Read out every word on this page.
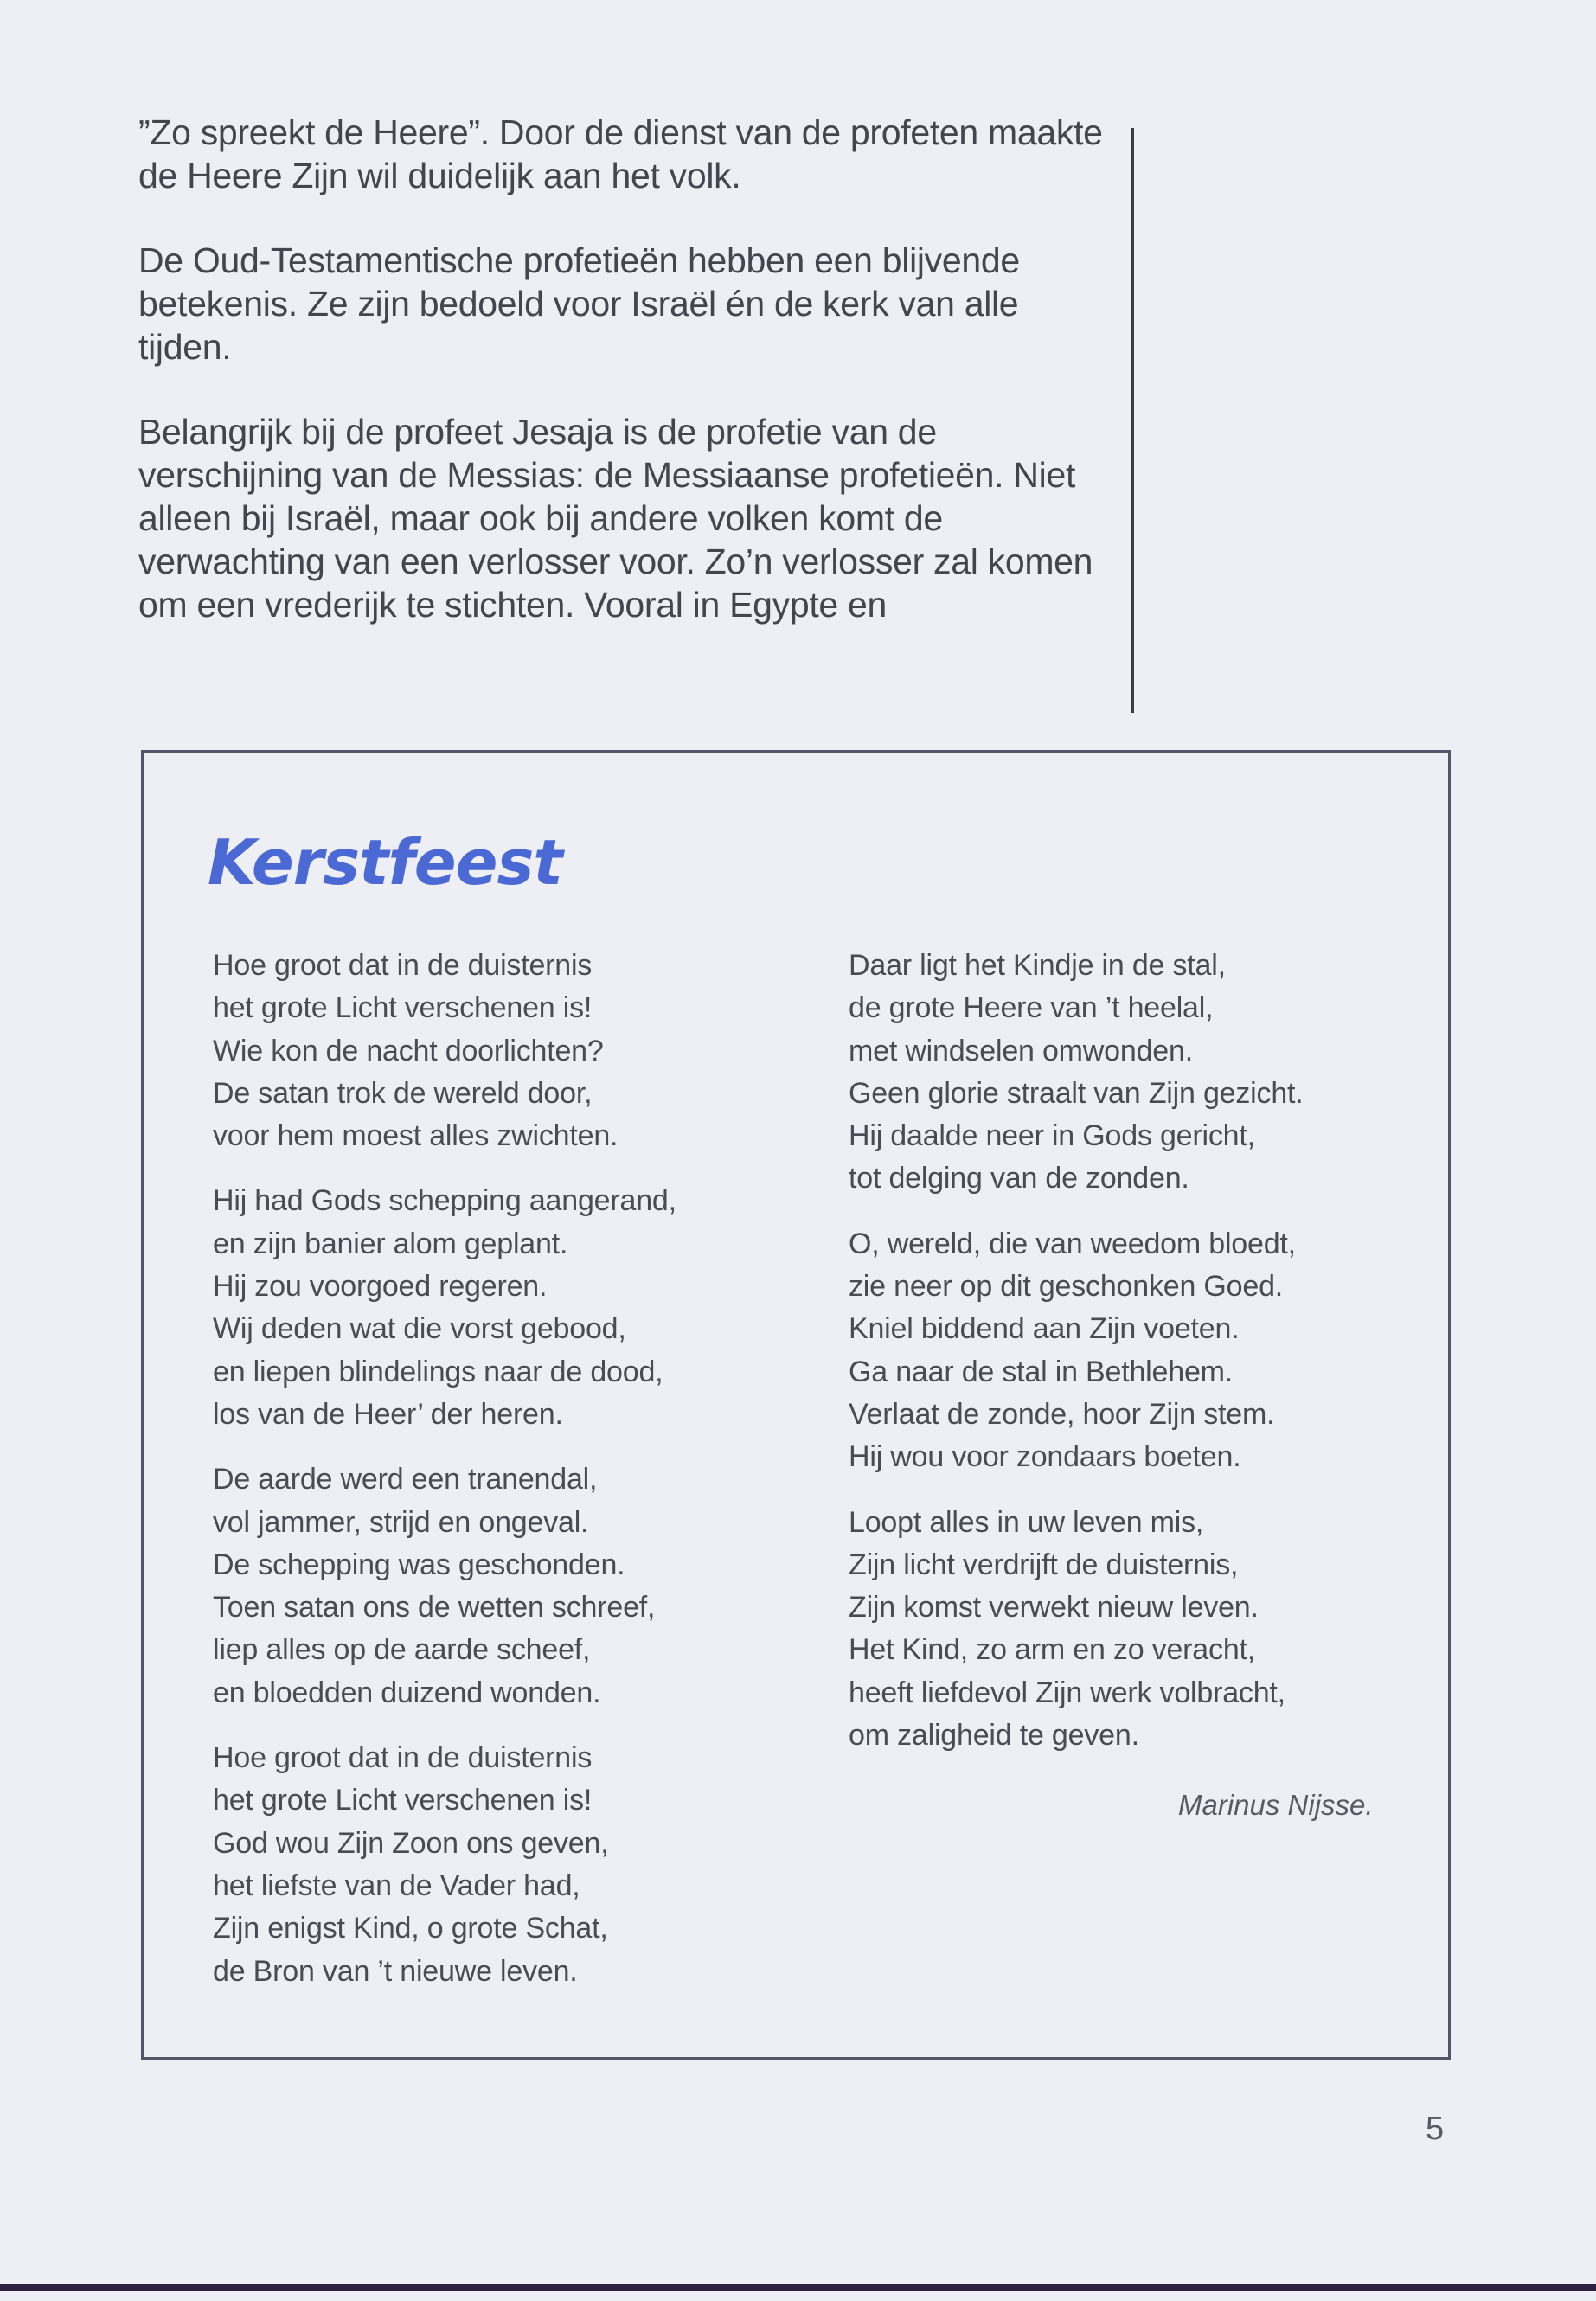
”Zo spreekt de Heere”. Door de dienst van de profeten maakte de Heere Zijn wil duidelijk aan het volk.

De Oud-Testamentische profetieën hebben een blijvende betekenis. Ze zijn bedoeld voor Israël én de kerk van alle tijden.

Belangrijk bij de profeet Jesaja is de profetie van de verschijning van de Messias: de Messiaanse profetieën. Niet alleen bij Israël, maar ook bij andere volken komt de verwachting van een verlosser voor. Zo’n verlosser zal komen om een vrederijk te stichten. Vooral in Egypte en

Kerstfeest
Hoe groot dat in de duisternis
het grote Licht verschenen is!
Wie kon de nacht doorlichten?
De satan trok de wereld door,
voor hem moest alles zwichten.
Hij had Gods schepping aangerand,
en zijn banier alom geplant.
Hij zou voorgoed regeren.
Wij deden wat die vorst gebood,
en liepen blindelings naar de dood,
los van de Heer’ der heren.
De aarde werd een tranendal,
vol jammer, strijd en ongeval.
De schepping was geschonden.
Toen satan ons de wetten schreef,
liep alles op de aarde scheef,
en bloedden duizend wonden.
Hoe groot dat in de duisternis
het grote Licht verschenen is!
God wou Zijn Zoon ons geven,
het liefste van de Vader had,
Zijn enigst Kind, o grote Schat,
de Bron van ’t nieuwe leven.
Daar ligt het Kindje in de stal,
de grote Heere van ’t heelal,
met windselen omwonden.
Geen glorie straalt van Zijn gezicht.
Hij daalde neer in Gods gericht,
tot delging van de zonden.
O, wereld, die van weedom bloedt,
zie neer op dit geschonken Goed.
Kniel biddend aan Zijn voeten.
Ga naar de stal in Bethlehem.
Verlaat de zonde, hoor Zijn stem.
Hij wou voor zondaars boeten.
Loopt alles in uw leven mis,
Zijn licht verdrijft de duisternis,
Zijn komst verwekt nieuw leven.
Het Kind, zo arm en zo veracht,
heeft liefdevol Zijn werk volbracht,
om zaligheid te geven.

Marinus Nijsse.

5
